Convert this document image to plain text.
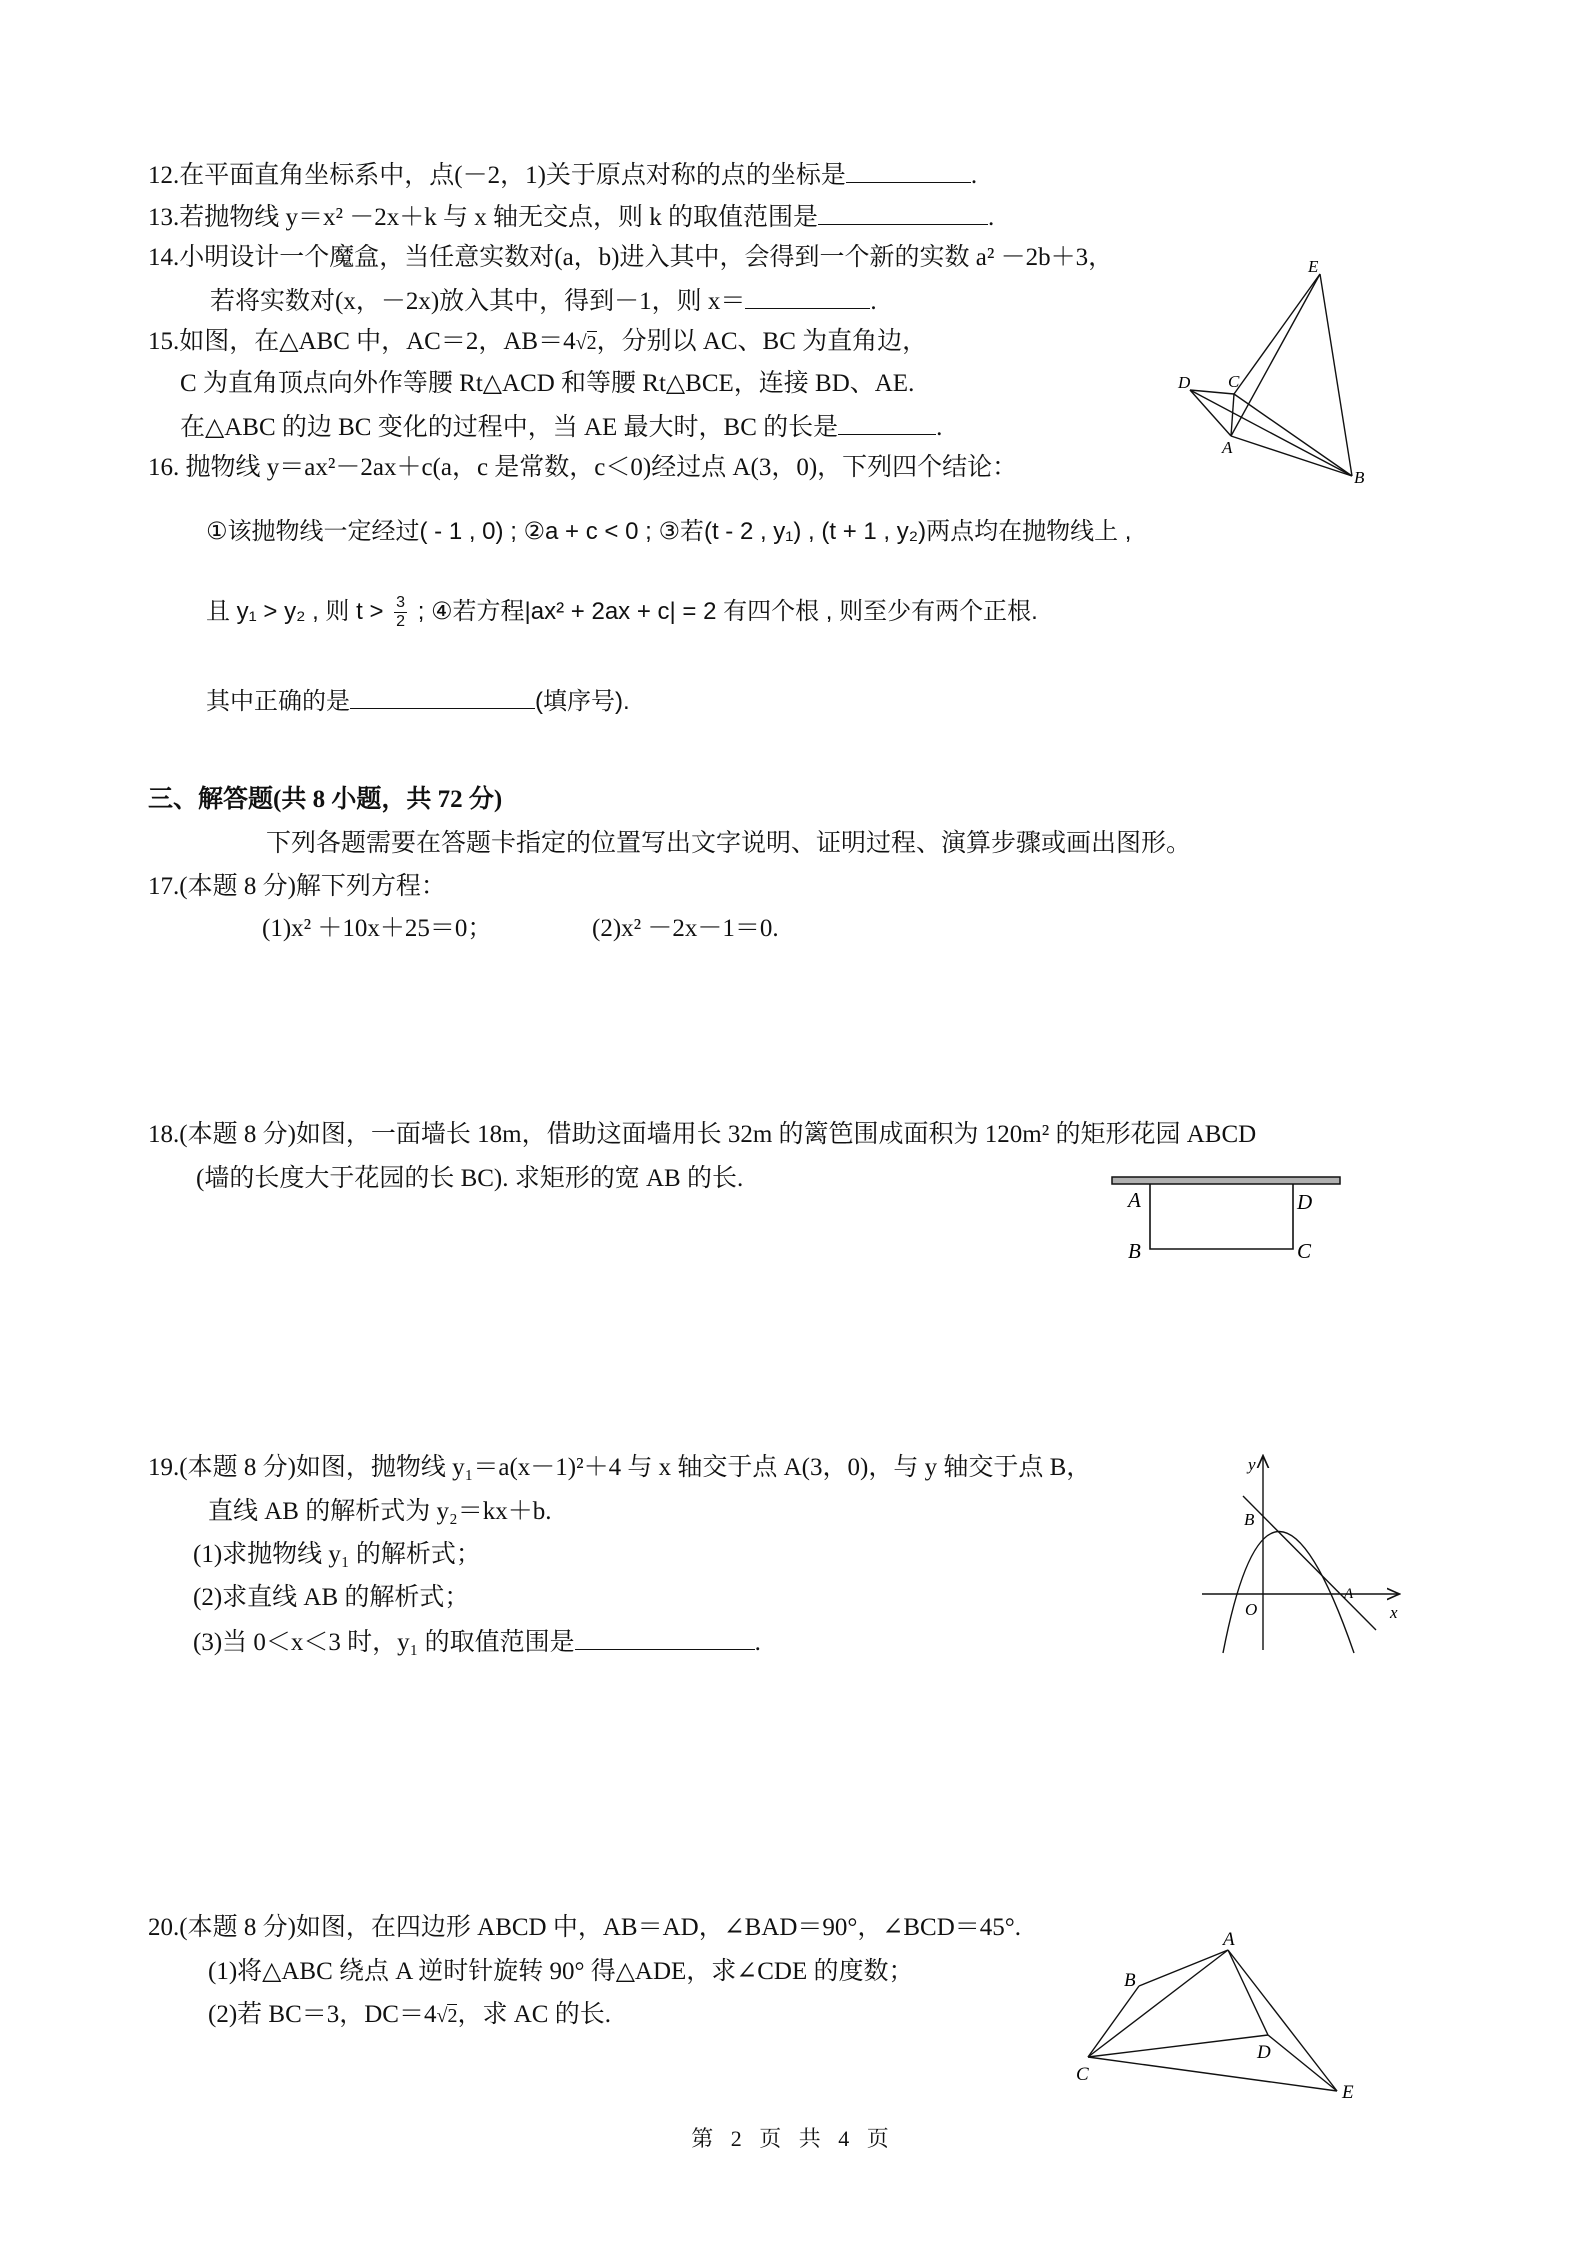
12.在平面直角坐标系中，点(－2，1)关于原点对称的点的坐标是	.
13.若抛物线 y＝x² －2x＋k 与 x 轴无交点，则 k 的取值范围是	.
14.小明设计一个魔盒，当任意实数对(a，b)进入其中，会得到一个新的实数 a² －2b＋3，
若将实数对(x，－2x)放入其中，得到－1，则 x＝	.
15.如图，在△ABC 中，AC＝2，AB＝4√2，分别以 AC、BC 为直角边，
C 为直角顶点向外作等腰 Rt△ACD 和等腰 Rt△BCE，连接 BD、AE.
在△ABC 的边 BC 变化的过程中，当 AE 最大时，BC 的长是	.
E
D C
A
B
16. 抛物线 y＝ax²－2ax＋c(a，c 是常数，c＜0)经过点 A(3，0)，下列四个结论：
①该抛物线一定经过( - 1 , 0) ; ②a + c < 0 ; ③若(t - 2 , y₁) , (t + 1 , y₂)两点均在抛物线上 ,
且 y₁ > y₂ , 则 $t > \frac{3}{2}$ ; ④若方程|ax² + 2ax + c| = 2 有四个根 , 则至少有两个正根.
其中正确的是	(填序号).
三、解答题(共 8 小题，共 72 分)
下列各题需要在答题卡指定的位置写出文字说明、证明过程、演算步骤或画出图形。
17.(本题 8 分)解下列方程：
(1)x² ＋10x＋25＝0；	(2)x² －2x－1＝0.
18.(本题 8 分)如图，一面墙长 18m，借助这面墙用长 32m 的篱笆围成面积为 120m² 的矩形花园 ABCD
(墙的长度大于花园的长 BC). 求矩形的宽 AB 的长.
A	D
B	C
19.(本题 8 分)如图，抛物线 y₁＝a(x－1)²＋4 与 x 轴交于点 A(3，0)，与 y 轴交于点 B，
直线 AB 的解析式为 y₂＝kx＋b.
(1)求抛物线 y₁ 的解析式；
(2)求直线 AB 的解析式；
(3)当 0＜x＜3 时，y₁ 的取值范围是	.
y
x
O
A
B
20.(本题 8 分)如图，在四边形 ABCD 中，AB＝AD，∠BAD＝90°，∠BCD＝45°.
(1)将△ABC 绕点 A 逆时针旋转 90° 得△ADE，求∠CDE 的度数；
(2)若 BC＝3，DC＝4√2，求 AC 的长.
A
B
C
D
E
第 2 页 共 4 页
